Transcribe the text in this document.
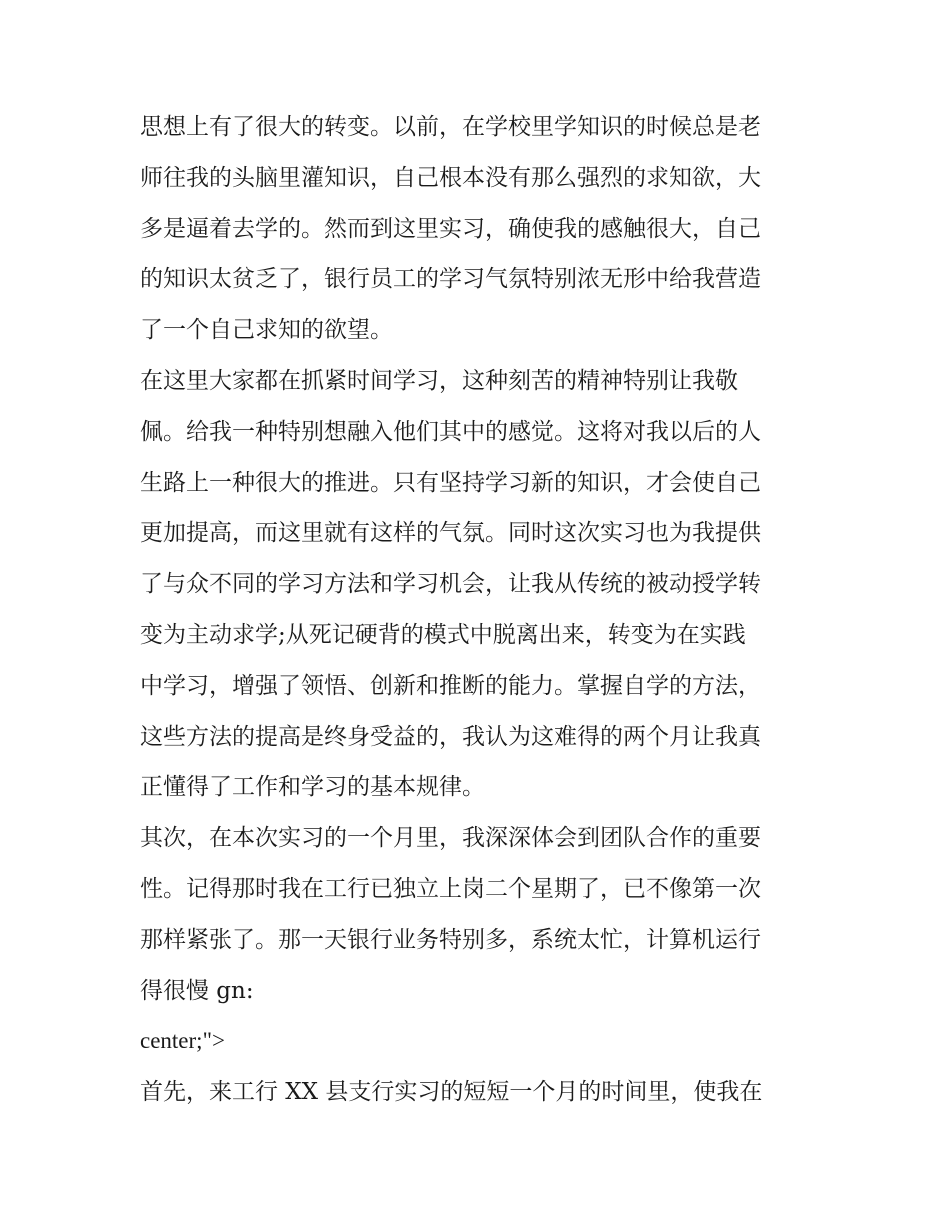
思想上有了很大的转变。以前，在学校里学知识的时候总是老
师往我的头脑里灌知识，自己根本没有那么强烈的求知欲，大
多是逼着去学的。然而到这里实习，确使我的感触很大，自己
的知识太贫乏了，银行员工的学习气氛特别浓无形中给我营造
了一个自己求知的欲望。
在这里大家都在抓紧时间学习，这种刻苦的精神特别让我敬
佩。给我一种特别想融入他们其中的感觉。这将对我以后的人
生路上一种很大的推进。只有坚持学习新的知识，才会使自己
更加提高，而这里就有这样的气氛。同时这次实习也为我提供
了与众不同的学习方法和学习机会，让我从传统的被动授学转
变为主动求学;从死记硬背的模式中脱离出来，转变为在实践
中学习，增强了领悟、创新和推断的能力。掌握自学的方法，
这些方法的提高是终身受益的，我认为这难得的两个月让我真
正懂得了工作和学习的基本规律。
其次，在本次实习的一个月里，我深深体会到团队合作的重要
性。记得那时我在工行已独立上岗二个星期了，已不像第一次
那样紧张了。那一天银行业务特别多，系统太忙，计算机运行
得很慢 gn:
center;">
首先，来工行 XX 县支行实习的短短一个月的时间里，使我在
